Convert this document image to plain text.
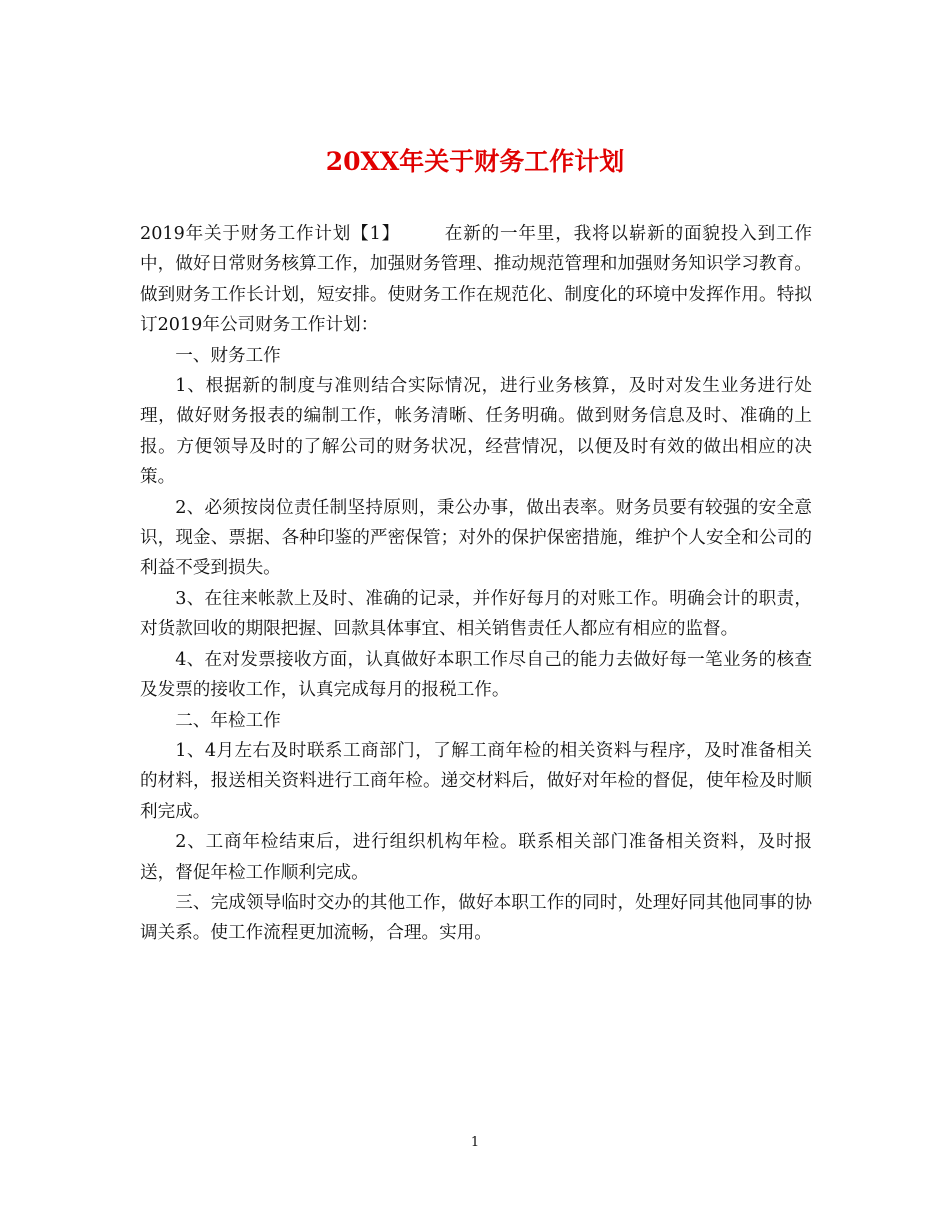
20XX年关于财务工作计划

2019年关于财务工作计划【1】	在新的一年里，我将以崭新的面貌投入到工作中，做好日常财务核算工作，加强财务管理、推动规范管理和加强财务知识学习教育。做到财务工作长计划，短安排。使财务工作在规范化、制度化的环境中发挥作用。特拟订2019年公司财务工作计划：

一、财务工作

1、根据新的制度与准则结合实际情况，进行业务核算，及时对发生业务进行处理，做好财务报表的编制工作，帐务清晰、任务明确。做到财务信息及时、准确的上报。方便领导及时的了解公司的财务状况，经营情况，以便及时有效的做出相应的决策。

2、必须按岗位责任制坚持原则，秉公办事，做出表率。财务员要有较强的安全意识，现金、票据、各种印鉴的严密保管；对外的保护保密措施，维护个人安全和公司的利益不受到损失。

3、在往来帐款上及时、准确的记录，并作好每月的对账工作。明确会计的职责，对货款回收的期限把握、回款具体事宜、相关销售责任人都应有相应的监督。

4、在对发票接收方面，认真做好本职工作尽自己的能力去做好每一笔业务的核查及发票的接收工作，认真完成每月的报税工作。

二、年检工作

1、4月左右及时联系工商部门，了解工商年检的相关资料与程序，及时准备相关的材料，报送相关资料进行工商年检。递交材料后，做好对年检的督促，使年检及时顺利完成。

2、工商年检结束后，进行组织机构年检。联系相关部门准备相关资料，及时报送，督促年检工作顺利完成。

三、完成领导临时交办的其他工作，做好本职工作的同时，处理好同其他同事的协调关系。使工作流程更加流畅，合理。实用。

1
